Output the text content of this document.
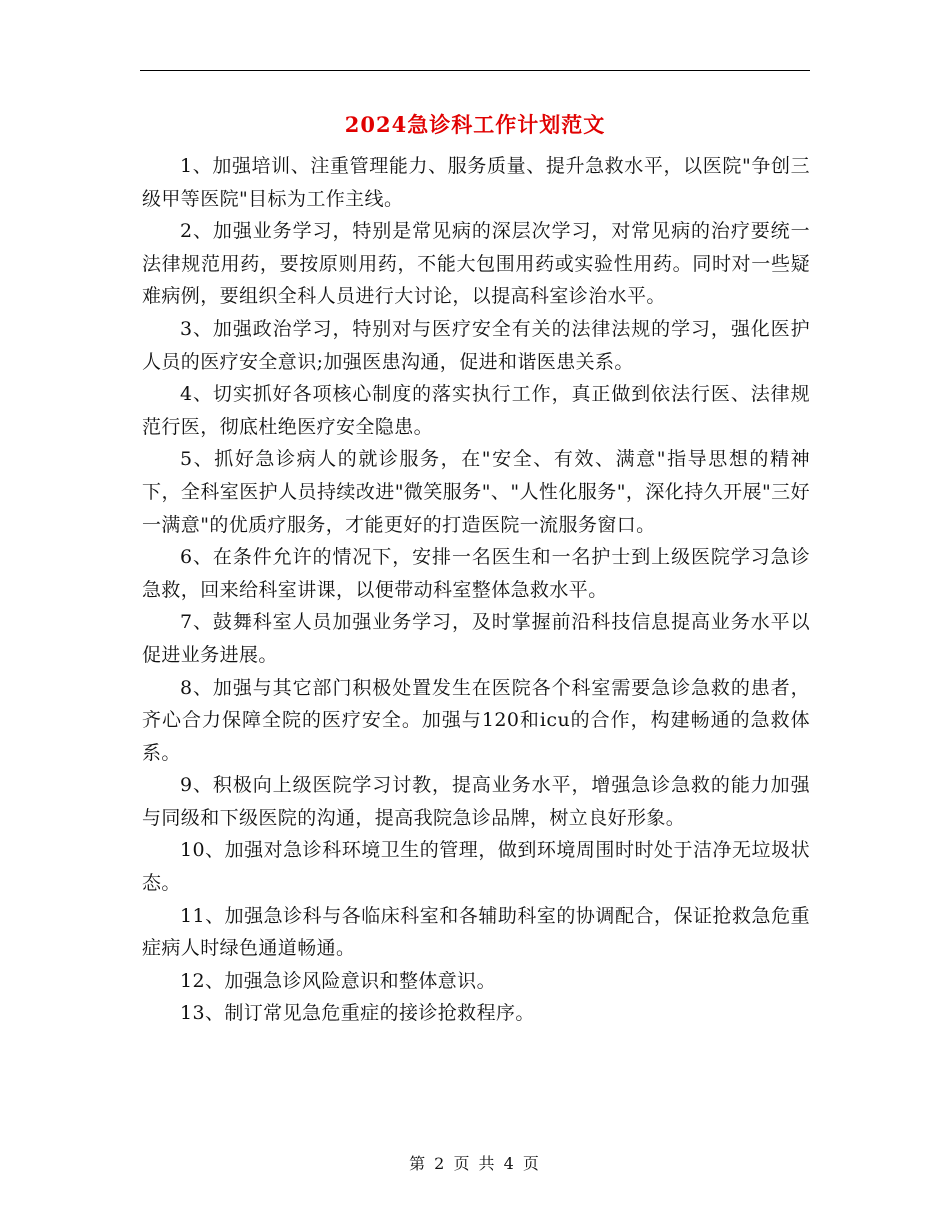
2024急诊科工作计划范文

1、加强培训、注重管理能力、服务质量、提升急救水平，以医院"争创三级甲等医院"目标为工作主线。

2、加强业务学习，特别是常见病的深层次学习，对常见病的治疗要统一法律规范用药，要按原则用药，不能大包围用药或实验性用药。同时对一些疑难病例，要组织全科人员进行大讨论，以提高科室诊治水平。

3、加强政治学习，特别对与医疗安全有关的法律法规的学习，强化医护人员的医疗安全意识;加强医患沟通，促进和谐医患关系。

4、切实抓好各项核心制度的落实执行工作，真正做到依法行医、法律规范行医，彻底杜绝医疗安全隐患。

5、抓好急诊病人的就诊服务，在"安全、有效、满意"指导思想的精神下，全科室医护人员持续改进"微笑服务"、"人性化服务"，深化持久开展"三好一满意"的优质疗服务，才能更好的打造医院一流服务窗口。

6、在条件允许的情况下，安排一名医生和一名护士到上级医院学习急诊急救，回来给科室讲课，以便带动科室整体急救水平。

7、鼓舞科室人员加强业务学习，及时掌握前沿科技信息提高业务水平以促进业务进展。

8、加强与其它部门积极处置发生在医院各个科室需要急诊急救的患者，齐心合力保障全院的医疗安全。加强与120和icu的合作，构建畅通的急救体系。

9、积极向上级医院学习讨教，提高业务水平，增强急诊急救的能力加强与同级和下级医院的沟通，提高我院急诊品牌，树立良好形象。

10、加强对急诊科环境卫生的管理，做到环境周围时时处于洁净无垃圾状态。

11、加强急诊科与各临床科室和各辅助科室的协调配合，保证抢救急危重症病人时绿色通道畅通。

12、加强急诊风险意识和整体意识。

13、制订常见急危重症的接诊抢救程序。

第 2 页 共 4 页
